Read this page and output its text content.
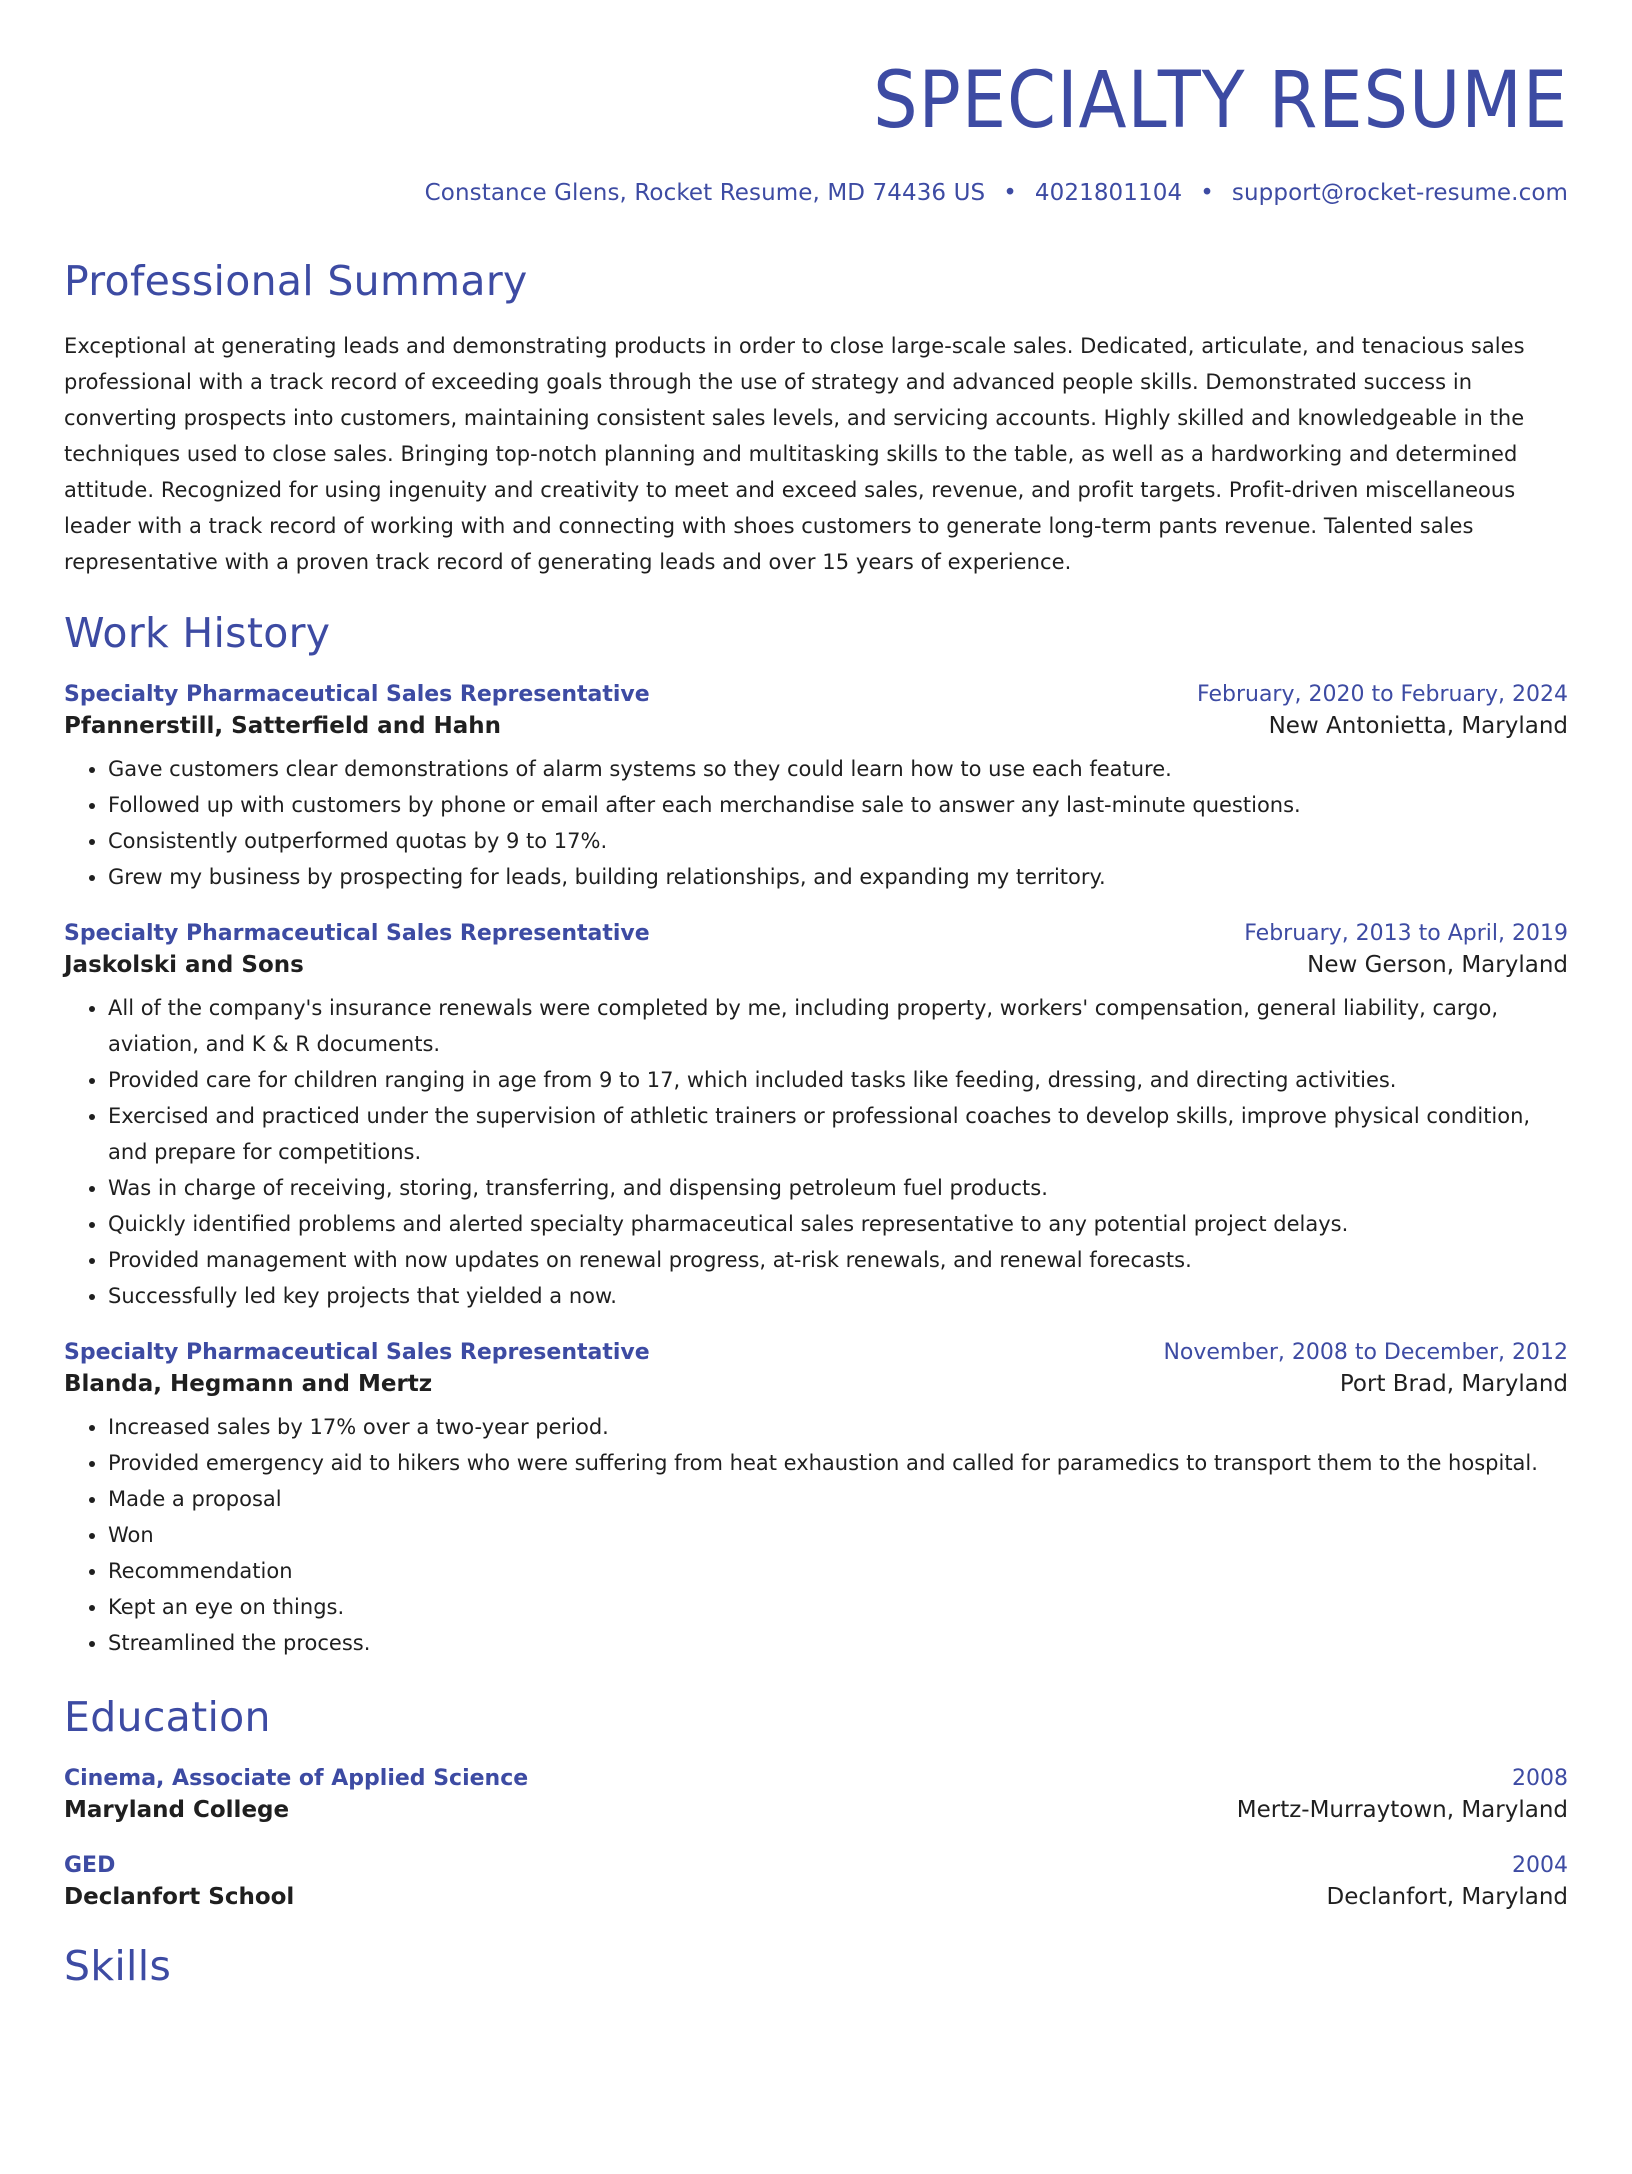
SPECIALTY RESUME
Constance Glens, Rocket Resume, MD 74436 US • 4021801104 • support@rocket-resume.com
Professional Summary
Exceptional at generating leads and demonstrating products in order to close large-scale sales. Dedicated, articulate, and tenacious sales professional with a track record of exceeding goals through the use of strategy and advanced people skills. Demonstrated success in converting prospects into customers, maintaining consistent sales levels, and servicing accounts. Highly skilled and knowledgeable in the techniques used to close sales. Bringing top-notch planning and multitasking skills to the table, as well as a hardworking and determined attitude. Recognized for using ingenuity and creativity to meet and exceed sales, revenue, and profit targets. Profit-driven miscellaneous leader with a track record of working with and connecting with shoes customers to generate long-term pants revenue. Talented sales representative with a proven track record of generating leads and over 15 years of experience.
Work History
Specialty Pharmaceutical Sales Representative	February, 2020 to February, 2024
Pfannerstill, Satterfield and Hahn	New Antonietta, Maryland
• Gave customers clear demonstrations of alarm systems so they could learn how to use each feature.
• Followed up with customers by phone or email after each merchandise sale to answer any last-minute questions.
• Consistently outperformed quotas by 9 to 17%.
• Grew my business by prospecting for leads, building relationships, and expanding my territory.
Specialty Pharmaceutical Sales Representative	February, 2013 to April, 2019
Jaskolski and Sons	New Gerson, Maryland
• All of the company's insurance renewals were completed by me, including property, workers' compensation, general liability, cargo, aviation, and K & R documents.
• Provided care for children ranging in age from 9 to 17, which included tasks like feeding, dressing, and directing activities.
• Exercised and practiced under the supervision of athletic trainers or professional coaches to develop skills, improve physical condition, and prepare for competitions.
• Was in charge of receiving, storing, transferring, and dispensing petroleum fuel products.
• Quickly identified problems and alerted specialty pharmaceutical sales representative to any potential project delays.
• Provided management with now updates on renewal progress, at-risk renewals, and renewal forecasts.
• Successfully led key projects that yielded a now.
Specialty Pharmaceutical Sales Representative	November, 2008 to December, 2012
Blanda, Hegmann and Mertz	Port Brad, Maryland
• Increased sales by 17% over a two-year period.
• Provided emergency aid to hikers who were suffering from heat exhaustion and called for paramedics to transport them to the hospital.
• Made a proposal
• Won
• Recommendation
• Kept an eye on things.
• Streamlined the process.
Education
Cinema, Associate of Applied Science	2008
Maryland College	Mertz-Murraytown, Maryland
GED	2004
Declanfort School	Declanfort, Maryland
Skills
